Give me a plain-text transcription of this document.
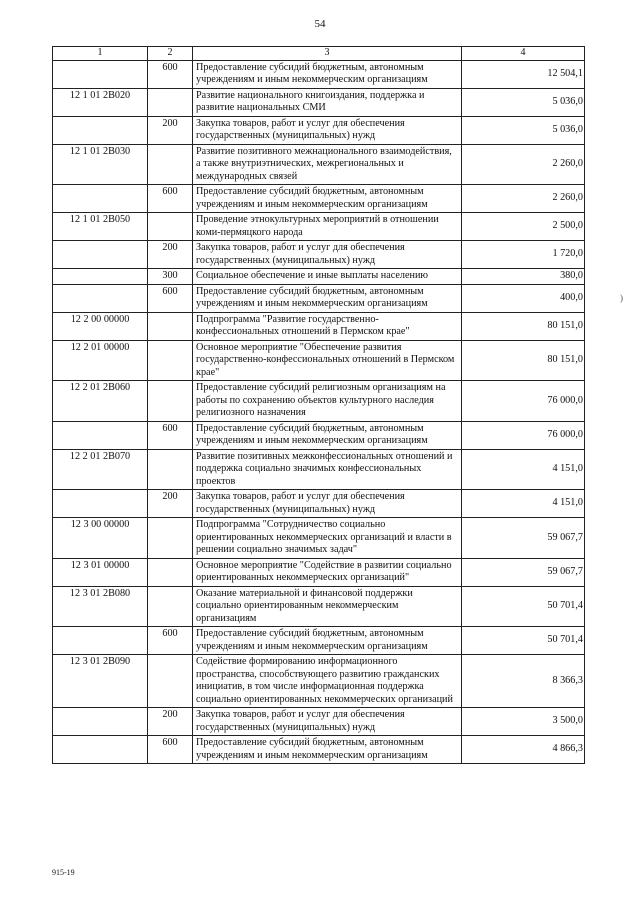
54
1	2	3	4
	600	Предоставление субсидий бюджетным, автономным учреждениям и иным некоммерческим организациям	12 504,1
12 1 01 2В020		Развитие национального книгоиздания, поддержка и развитие национальных СМИ	5 036,0
	200	Закупка товаров, работ и услуг для обеспечения государственных (муниципальных) нужд	5 036,0
12 1 01 2В030		Развитие позитивного межнационального взаимодействия, а также внутриэтнических, межрегиональных и международных связей	2 260,0
	600	Предоставление субсидий бюджетным, автономным учреждениям и иным некоммерческим организациям	2 260,0
12 1 01 2В050		Проведение этнокультурных мероприятий в отношении коми-пермяцкого народа	2 500,0
	200	Закупка товаров, работ и услуг для обеспечения государственных (муниципальных) нужд	1 720,0
	300	Социальное обеспечение и иные выплаты населению	380,0
	600	Предоставление субсидий бюджетным, автономным учреждениям и иным некоммерческим организациям	400,0
12 2 00 00000		Подпрограмма "Развитие государственно-конфессиональных отношений в Пермском крае"	80 151,0
12 2 01 00000		Основное мероприятие "Обеспечение развития государственно-конфессиональных отношений в Пермском крае"	80 151,0
12 2 01 2В060		Предоставление субсидий религиозным организациям на работы по сохранению объектов культурного наследия религиозного назначения	76 000,0
	600	Предоставление субсидий бюджетным, автономным учреждениям и иным некоммерческим организациям	76 000,0
12 2 01 2В070		Развитие позитивных межконфессиональных отношений и поддержка социально значимых конфессиональных проектов	4 151,0
	200	Закупка товаров, работ и услуг для обеспечения государственных (муниципальных) нужд	4 151,0
12 3 00 00000		Подпрограмма "Сотрудничество социально ориентированных некоммерческих организаций и власти в решении социально значимых задач"	59 067,7
12 3 01 00000		Основное мероприятие "Содействие в развитии социально ориентированных некоммерческих организаций"	59 067,7
12 3 01 2В080		Оказание материальной и финансовой поддержки социально ориентированным некоммерческим организациям	50 701,4
	600	Предоставление субсидий бюджетным, автономным учреждениям и иным некоммерческим организациям	50 701,4
12 3 01 2В090		Содействие формированию информационного пространства, способствующего развитию гражданских инициатив, в том числе информационная поддержка социально ориентированных некоммерческих организаций	8 366,3
	200	Закупка товаров, работ и услуг для обеспечения государственных (муниципальных) нужд	3 500,0
	600	Предоставление субсидий бюджетным, автономным учреждениям и иным некоммерческим организациям	4 866,3
)
915-19
